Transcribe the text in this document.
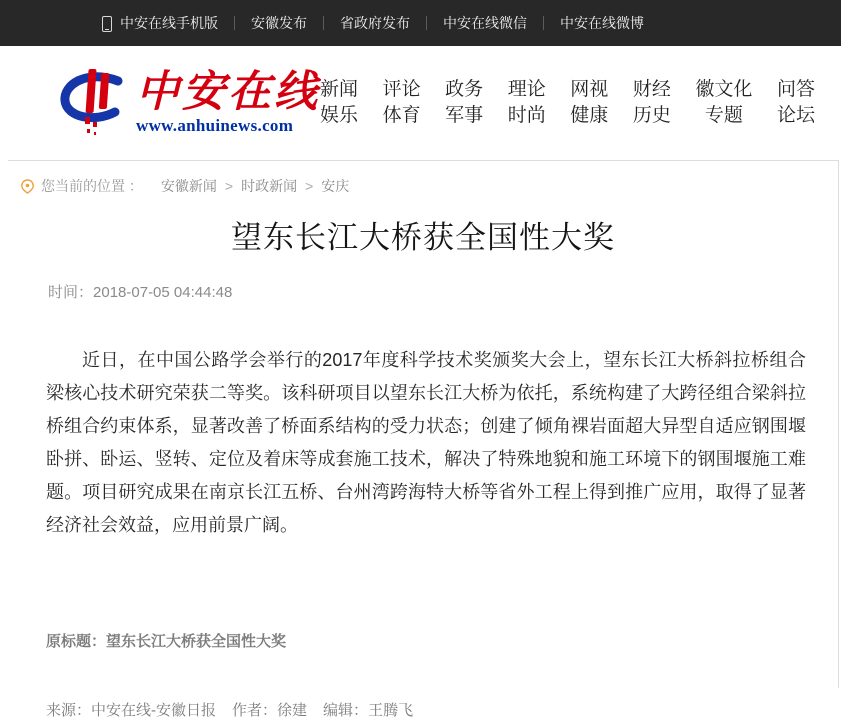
中安在线手机版 安徽发布 省政府发布 中安在线微信 中安在线微博
中安在线
www.anhuinews.com
新闻
娱乐
评论
体育
政务
军事
理论
时尚
网视
健康
财经
历史
徽文化
专题
问答
论坛
您当前的位置 ： 安徽新闻 > 时政新闻 > 安庆
望东长江大桥获全国性大奖
时间：2018-07-05 04:44:48

近日，在中国公路学会举行的2017年度科学技术奖颁奖大会上，望东长江大桥斜拉桥组合梁核心技术研究荣获二等奖。该科研项目以望东长江大桥为依托，系统构建了大跨径组合梁斜拉桥组合约束体系，显著改善了桥面系结构的受力状态；创建了倾角裸岩面超大异型自适应钢围堰卧拼、卧运、竖转、定位及着床等成套施工技术，解决了特殊地貌和施工环境下的钢围堰施工难题。项目研究成果在南京长江五桥、台州湾跨海特大桥等省外工程上得到推广应用，取得了显著经济社会效益，应用前景广阔。

原标题：望东长江大桥获全国性大奖
来源：中安在线-安徽日报 作者：徐建 编辑：王腾飞
